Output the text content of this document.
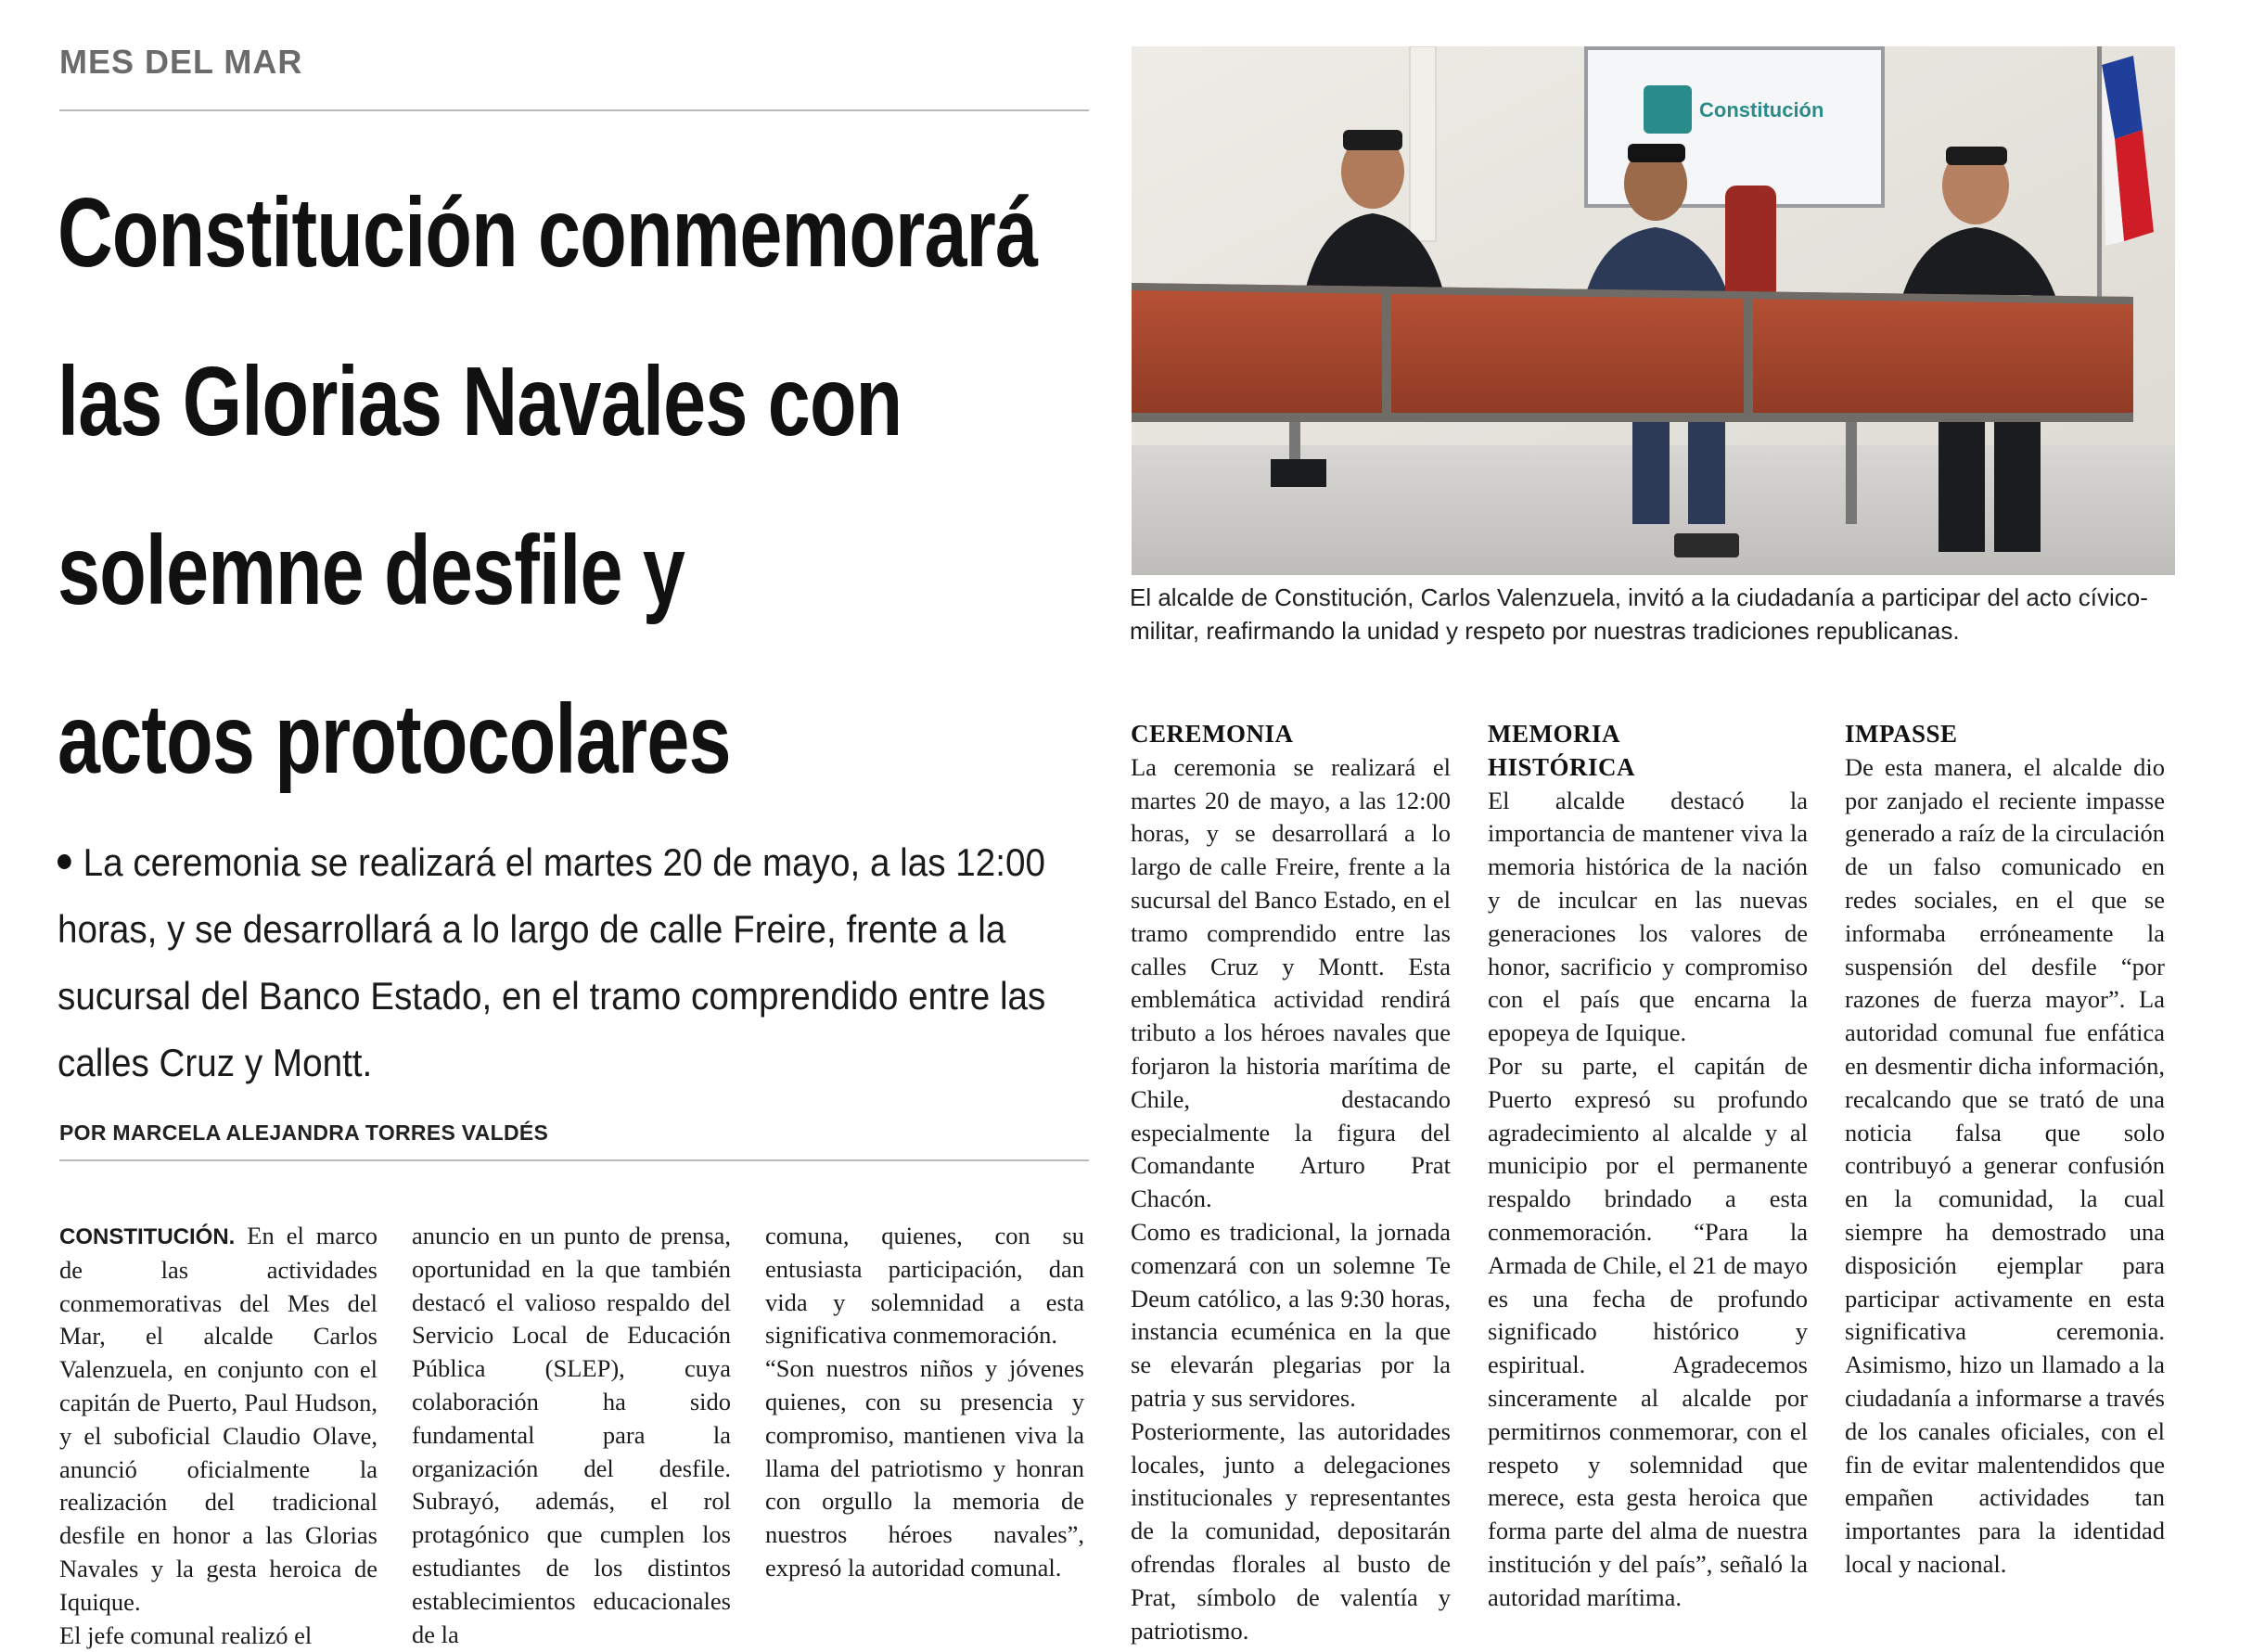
MES DEL MAR
Constitución conmemorará
las Glorias Navales con
solemne desfile y
actos protocolares
La ceremonia se realizará el martes 20 de mayo, a las 12:00
horas, y se desarrollará a lo largo de calle Freire, frente a la
sucursal del Banco Estado, en el tramo comprendido entre las
calles Cruz y Montt.
POR MARCELA ALEJANDRA TORRES VALDÉS
Constitución

El alcalde de Constitución, Carlos Valenzuela, invitó a la ciudadanía a participar del acto cívico-militar, reafirmando la unidad y respeto por nuestras tradiciones republicanas.

CONSTITUCIÓN. En el marco de las actividades conmemorativas del Mes del Mar, el alcalde Carlos Valenzuela, en conjunto con el capitán de Puerto, Paul Hudson, y el suboficial Claudio Olave, anunció oficialmente la realización del tradicional desfile en honor a las Glorias Navales y la gesta heroica de Iquique.

El jefe comunal realizó el

anuncio en un punto de prensa, oportunidad en la que también destacó el valioso respaldo del Servicio Local de Educación Pública (SLEP), cuya colaboración ha sido fundamental para la organización del desfile. Subrayó, además, el rol protagónico que cumplen los estudiantes de los distintos establecimientos educacionales de la

comuna, quienes, con su entusiasta participación, dan vida y solemnidad a esta significativa conmemoración.

“Son nuestros niños y jóvenes quienes, con su presencia y compromiso, mantienen viva la llama del patriotismo y honran con orgullo la memoria de nuestros héroes navales”, expresó la autoridad comunal.

CEREMONIA

La ceremonia se realizará el martes 20 de mayo, a las 12:00 horas, y se desarrollará a lo largo de calle Freire, frente a la sucursal del Banco Estado, en el tramo comprendido entre las calles Cruz y Montt. Esta emblemática actividad rendirá tributo a los héroes navales que forjaron la historia marítima de Chile, destacando especialmente la figura del Comandante Arturo Prat Chacón.

Como es tradicional, la jornada comenzará con un solemne Te Deum católico, a las 9:30 horas, instancia ecuménica en la que se elevarán plegarias por la patria y sus servidores.

Posteriormente, las autoridades locales, junto a delegaciones institucionales y representantes de la comunidad, depositarán ofrendas florales al busto de Prat, símbolo de valentía y patriotismo.

MEMORIA HISTÓRICA

El alcalde destacó la importancia de mantener viva la memoria histórica de la nación y de inculcar en las nuevas generaciones los valores de honor, sacrificio y compromiso con el país que encarna la epopeya de Iquique.

Por su parte, el capitán de Puerto expresó su profundo agradecimiento al alcalde y al municipio por el permanente respaldo brindado a esta conmemoración. “Para la Armada de Chile, el 21 de mayo es una fecha de profundo significado histórico y espiritual. Agradecemos sinceramente al alcalde por permitirnos conmemorar, con el respeto y solemnidad que merece, esta gesta heroica que forma parte del alma de nuestra institución y del país”, señaló la autoridad marítima.

IMPASSE

De esta manera, el alcalde dio por zanjado el reciente impasse generado a raíz de la circulación de un falso comunicado en redes sociales, en el que se informaba erróneamente la suspensión del desfile “por razones de fuerza mayor”. La autoridad comunal fue enfática en desmentir dicha información, recalcando que se trató de una noticia falsa que solo contribuyó a generar confusión en la comunidad, la cual siempre ha demostrado una disposición ejemplar para participar activamente en esta significativa ceremonia. Asimismo, hizo un llamado a la ciudadanía a informarse a través de los canales oficiales, con el fin de evitar malentendidos que empañen actividades tan importantes para la identidad local y nacional.
